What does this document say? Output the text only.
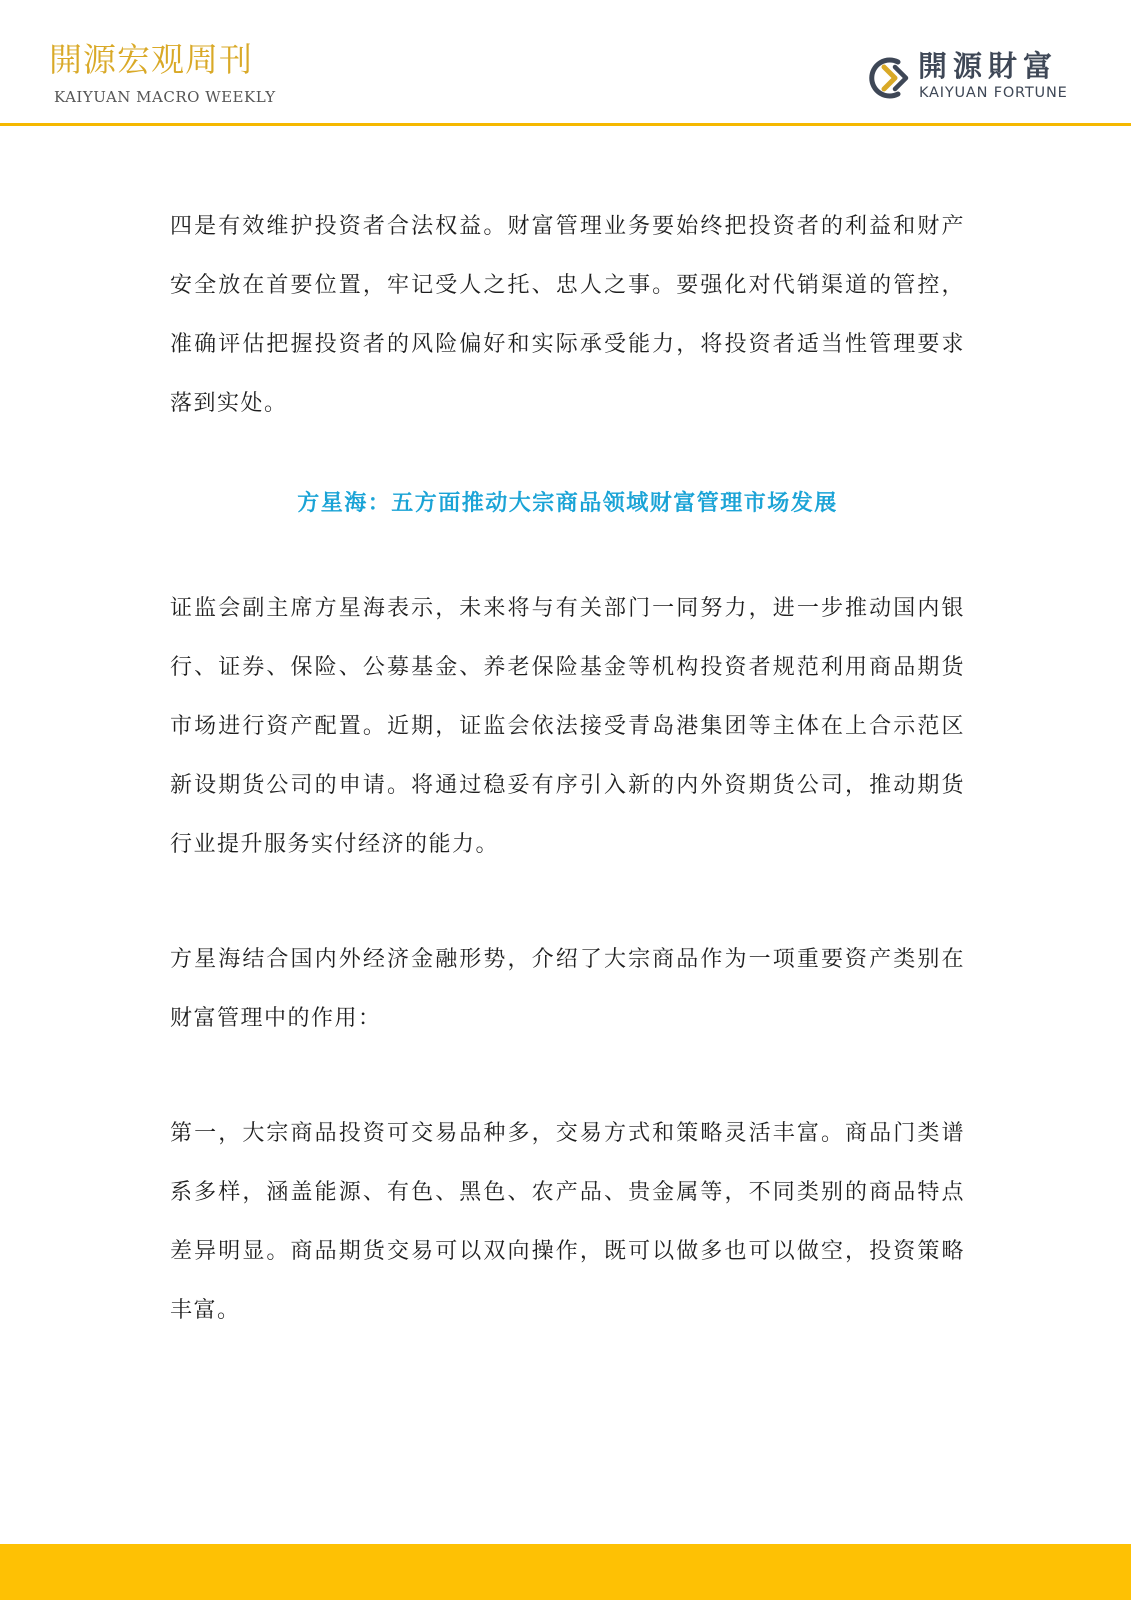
開源宏观周刊
KAIYUAN MACRO WEEKLY
開源財富
KAIYUAN FORTUNE

四是有效维护投资者合法权益。财富管理业务要始终把投资者的利益和财产安全放在首要位置，牢记受人之托、忠人之事。要强化对代销渠道的管控，准确评估把握投资者的风险偏好和实际承受能力，将投资者适当性管理要求落到实处。

方星海：五方面推动大宗商品领域财富管理市场发展

证监会副主席方星海表示，未来将与有关部门一同努力，进一步推动国内银行、证券、保险、公募基金、养老保险基金等机构投资者规范利用商品期货市场进行资产配置。近期，证监会依法接受青岛港集团等主体在上合示范区新设期货公司的申请。将通过稳妥有序引入新的内外资期货公司，推动期货行业提升服务实付经济的能力。

方星海结合国内外经济金融形势，介绍了大宗商品作为一项重要资产类别在财富管理中的作用：

第一，大宗商品投资可交易品种多，交易方式和策略灵活丰富。商品门类谱系多样，涵盖能源、有色、黑色、农产品、贵金属等，不同类别的商品特点差异明显。商品期货交易可以双向操作，既可以做多也可以做空，投资策略丰富。
